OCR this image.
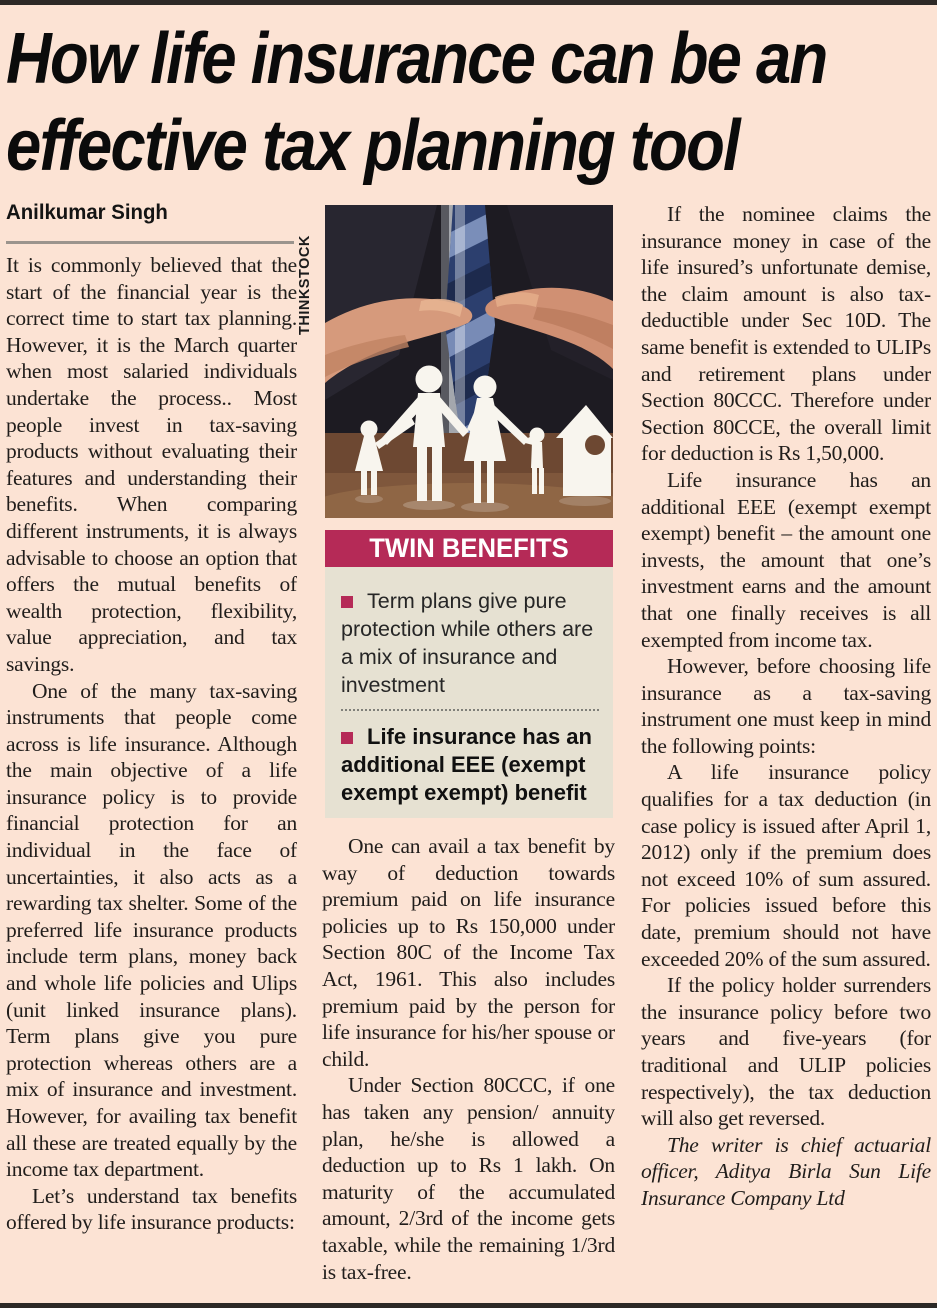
How life insurance can be an
effective tax planning tool
Anilkumar Singh

It is commonly believed that the start of the financial year is the correct time to start tax planning. However, it is the March quarter when most salaried individuals undertake the process.. Most people invest in tax-saving products without evaluating their features and understanding their benefits. When comparing different instruments, it is always advisable to choose an option that offers the mutual benefits of wealth protection, flexibility, value appreciation, and tax savings.

One of the many tax-saving instruments that people come across is life insurance. Although the main objective of a life insurance policy is to provide financial protection for an individual in the face of uncertainties, it also acts as a rewarding tax shelter. Some of the preferred life insurance products include term plans, money back and whole life policies and Ulips (unit linked insurance plans). Term plans give you pure protection whereas others are a mix of insurance and investment. However, for availing tax benefit all these are treated equally by the income tax department.

Let’s understand tax benefits offered by life insurance products:

THINKSTOCK
TWIN BENEFITS
Term plans give pure protection while others are a mix of insurance and investment
Life insurance has an additional EEE (exempt exempt exempt) benefit

One can avail a tax benefit by way of deduction towards premium paid on life insurance policies up to Rs 150,000 under Section 80C of the Income Tax Act, 1961. This also includes premium paid by the person for life insurance for his/her spouse or child.

Under Section 80CCC, if one has taken any pension/ annuity plan, he/she is allowed a deduction up to Rs 1 lakh. On maturity of the accumulated amount, 2/3rd of the income gets taxable, while the remaining 1/3rd is tax-free.

If the nominee claims the insurance money in case of the life insured’s unfortunate demise, the claim amount is also tax-deductible under Sec 10D. The same benefit is extended to ULIPs and retirement plans under Section 80CCC. Therefore under Section 80CCE, the overall limit for deduction is Rs 1,50,000.

Life insurance has an additional EEE (exempt exempt exempt) benefit – the amount one invests, the amount that one’s investment earns and the amount that one finally receives is all exempted from income tax.

However, before choosing life insurance as a tax-saving instrument one must keep in mind the following points:

A life insurance policy qualifies for a tax deduction (in case policy is issued after April 1, 2012) only if the premium does not exceed 10% of sum assured. For policies issued before this date, premium should not have exceeded 20% of the sum assured.

If the policy holder surrenders the insurance policy before two years and five-years (for traditional and ULIP policies respectively), the tax deduction will also get reversed.

The writer is chief actuarial officer, Aditya Birla Sun Life Insurance Company Ltd
